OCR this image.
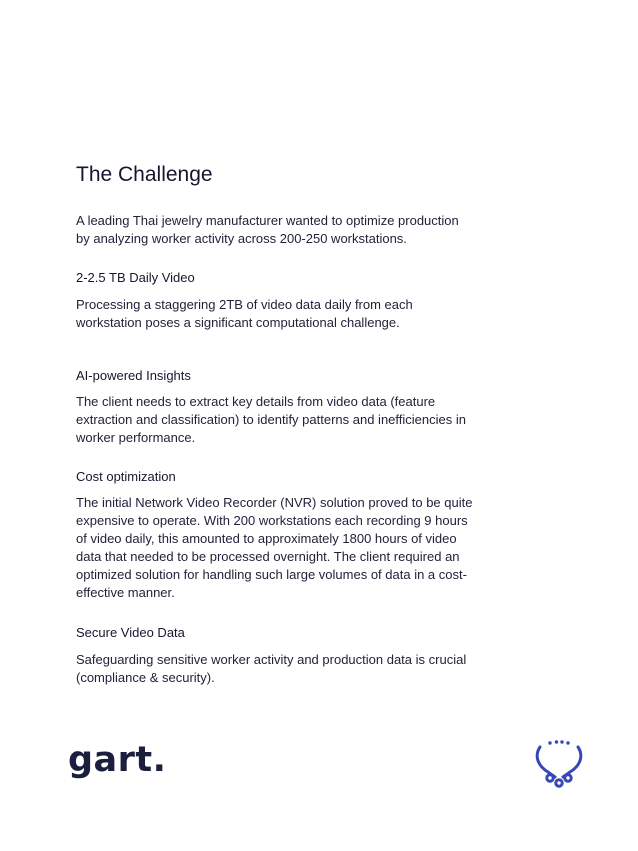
The Challenge

A leading Thai jewelry manufacturer wanted to optimize production by analyzing worker activity across 200-250 workstations.

2-2.5 TB Daily Video

Processing a staggering 2TB of video data daily from each workstation poses a significant computational challenge.

AI-powered Insights

The client needs to extract key details from video data (feature extraction and classification) to identify patterns and inefficiencies in worker performance.

Cost optimization

The initial Network Video Recorder (NVR) solution proved to be quite expensive to operate. With 200 workstations each recording 9 hours of video daily, this amounted to approximately 1800 hours of video data that needed to be processed overnight. The client required an optimized solution for handling such large volumes of data in a cost-effective manner.

Secure Video Data

Safeguarding sensitive worker activity and production data is crucial (compliance & security).

gart.
